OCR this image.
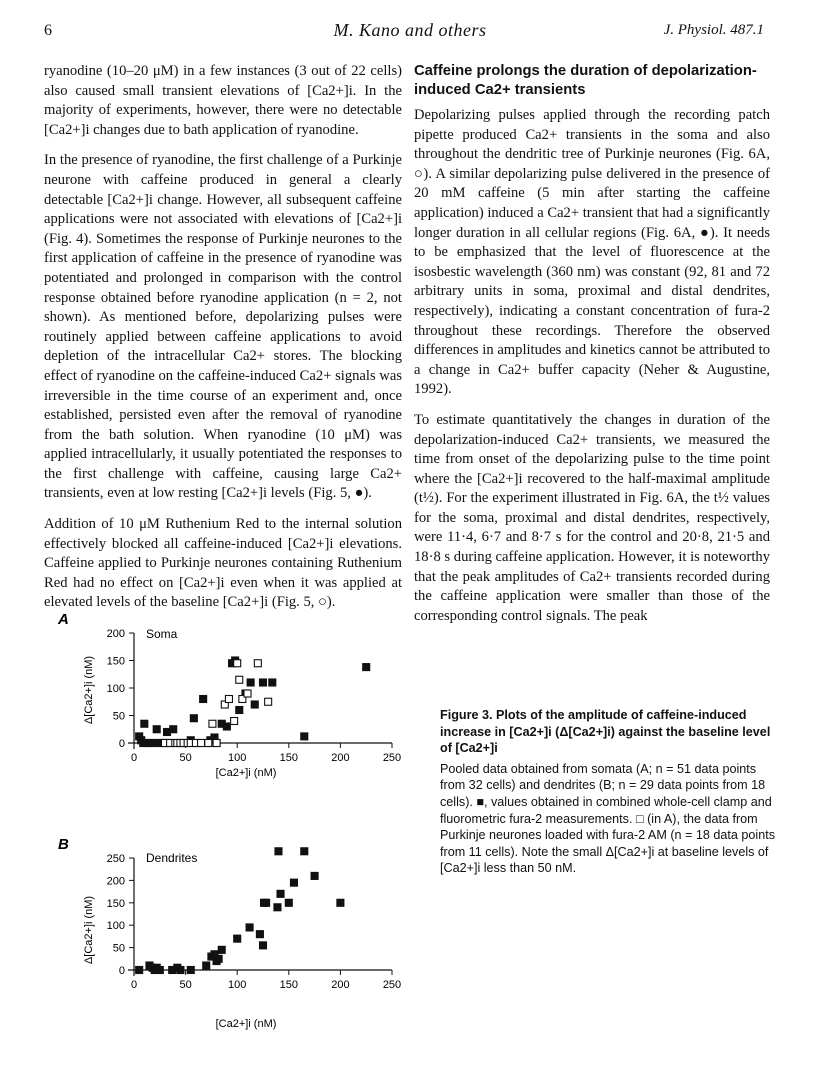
6	M. Kano and others	J. Physiol. 487.1

ryanodine (10–20 μM) in a few instances (3 out of 22 cells) also caused small transient elevations of [Ca2+]i. In the majority of experiments, however, there were no detectable [Ca2+]i changes due to bath application of ryanodine.

In the presence of ryanodine, the first challenge of a Purkinje neurone with caffeine produced in general a clearly detectable [Ca2+]i change. However, all subsequent caffeine applications were not associated with elevations of [Ca2+]i (Fig. 4). Sometimes the response of Purkinje neurones to the first application of caffeine in the presence of ryanodine was potentiated and prolonged in comparison with the control response obtained before ryanodine application (n = 2, not shown). As mentioned before, depolarizing pulses were routinely applied between caffeine applications to avoid depletion of the intracellular Ca2+ stores. The blocking effect of ryanodine on the caffeine-induced Ca2+ signals was irreversible in the time course of an experiment and, once established, persisted even after the removal of ryanodine from the bath solution. When ryanodine (10 μM) was applied intracellularly, it usually potentiated the responses to the first challenge with caffeine, causing large Ca2+ transients, even at low resting [Ca2+]i levels (Fig. 5, ●).

Addition of 10 μM Ruthenium Red to the internal solution effectively blocked all caffeine-induced [Ca2+]i elevations. Caffeine applied to Purkinje neurones containing Ruthenium Red had no effect on [Ca2+]i even when it was applied at elevated levels of the baseline [Ca2+]i (Fig. 5, ○).

Caffeine prolongs the duration of depolarization-induced Ca2+ transients

Depolarizing pulses applied through the recording patch pipette produced Ca2+ transients in the soma and also throughout the dendritic tree of Purkinje neurones (Fig. 6A, ○). A similar depolarizing pulse delivered in the presence of 20 mM caffeine (5 min after starting the caffeine application) induced a Ca2+ transient that had a significantly longer duration in all cellular regions (Fig. 6A, ●). It needs to be emphasized that the level of fluorescence at the isosbestic wavelength (360 nm) was constant (92, 81 and 72 arbitrary units in soma, proximal and distal dendrites, respectively), indicating a constant concentration of fura-2 throughout these recordings. Therefore the observed differences in amplitudes and kinetics cannot be attributed to a change in Ca2+ buffer capacity (Neher & Augustine, 1992).

To estimate quantitatively the changes in duration of the depolarization-induced Ca2+ transients, we measured the time from onset of the depolarizing pulse to the time point where the [Ca2+]i recovered to the half-maximal amplitude (t½). For the experiment illustrated in Fig. 6A, the t½ values for the soma, proximal and distal dendrites, respectively, were 11·4, 6·7 and 8·7 s for the control and 20·8, 21·5 and 18·8 s during caffeine application. However, it is noteworthy that the peak amplitudes of Ca2+ transients recorded during the caffeine application were smaller than those of the corresponding control signals. The peak

A
Soma
[Ca2+]i (nM)
Δ[Ca2+]i (nM)
0	50	100	150	200	250
0
50
100
150
200
B
Dendrites
[Ca2+]i (nM)
Δ[Ca2+]i (nM)
0	50	100	150	200	250
0
50
100
150
200
250
Figure 3. Plots of the amplitude of caffeine-induced increase in [Ca2+]i (Δ[Ca2+]i) against the baseline level of [Ca2+]i
Pooled data obtained from somata (A; n = 51 data points from 32 cells) and dendrites (B; n = 29 data points from 18 cells). ■, values obtained in combined whole-cell clamp and fluorometric fura-2 measurements. □ (in A), the data from Purkinje neurones loaded with fura-2 AM (n = 18 data points from 11 cells). Note the small Δ[Ca2+]i at baseline levels of [Ca2+]i less than 50 nM.
